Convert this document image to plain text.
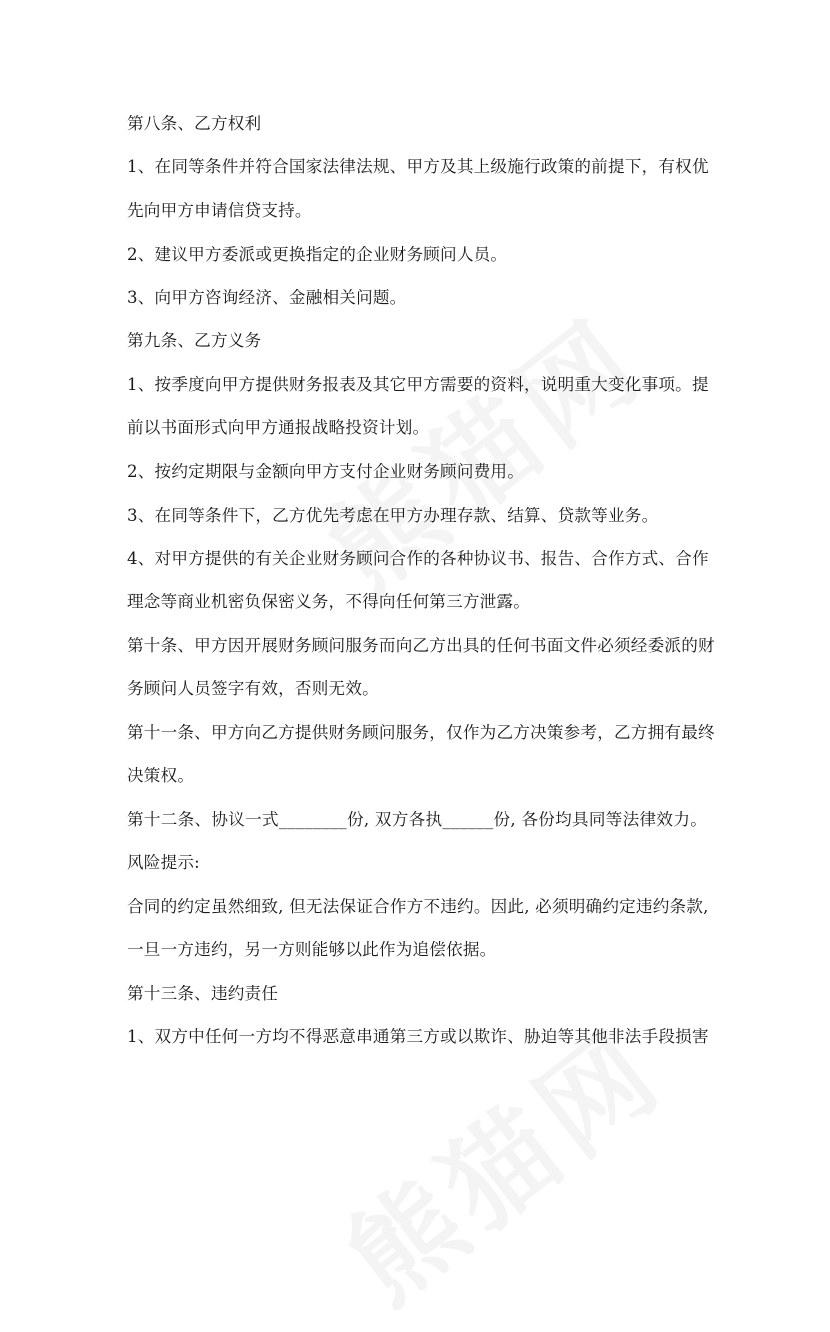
第八条、乙方权利
1、在同等条件并符合国家法律法规、甲方及其上级施行政策的前提下，有权优
先向甲方申请信贷支持。
2、建议甲方委派或更换指定的企业财务顾问人员。
3、向甲方咨询经济、金融相关问题。
第九条、乙方义务
1、按季度向甲方提供财务报表及其它甲方需要的资料，说明重大变化事项。提
前以书面形式向甲方通报战略投资计划。
2、按约定期限与金额向甲方支付企业财务顾问费用。
3、在同等条件下，乙方优先考虑在甲方办理存款、结算、贷款等业务。
4、对甲方提供的有关企业财务顾问合作的各种协议书、报告、合作方式、合作
理念等商业机密负保密义务，不得向任何第三方泄露。
第十条、甲方因开展财务顾问服务而向乙方出具的任何书面文件必须经委派的财
务顾问人员签字有效，否则无效。
第十一条、甲方向乙方提供财务顾问服务，仅作为乙方决策参考，乙方拥有最终
决策权。
第十二条、协议一式________份, 双方各执______份, 各份均具同等法律效力。
风险提示:
合同的约定虽然细致, 但无法保证合作方不违约。因此, 必须明确约定违约条款,
一旦一方违约，另一方则能够以此作为追偿依据。
第十三条、违约责任
1、双方中任何一方均不得恶意串通第三方或以欺诈、胁迫等其他非法手段损害
